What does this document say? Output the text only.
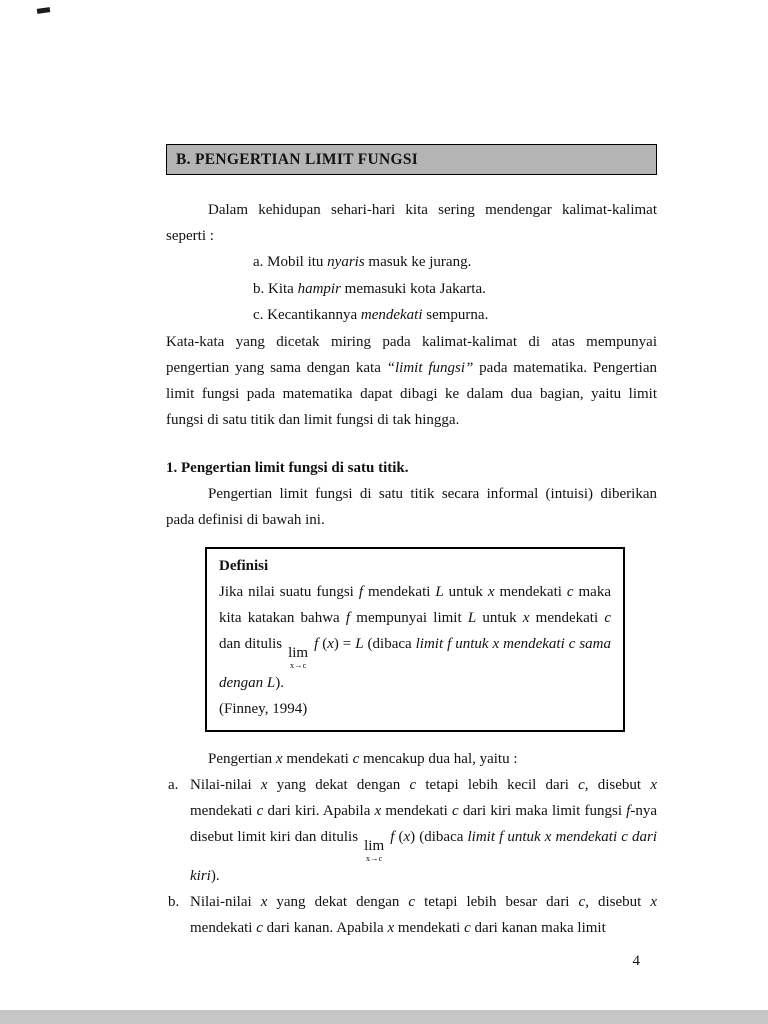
B. PENGERTIAN LIMIT FUNGSI

Dalam kehidupan sehari-hari kita sering mendengar kalimat-kalimat seperti :

a. Mobil itu nyaris masuk ke jurang.
b. Kita hampir memasuki kota Jakarta.
c. Kecantikannya mendekati sempurna.

Kata-kata yang dicetak miring pada kalimat-kalimat di atas mempunyai pengertian yang sama dengan kata “limit fungsi” pada matematika. Pengertian limit fungsi pada matematika dapat dibagi ke dalam dua bagian, yaitu limit fungsi di satu titik dan limit fungsi di tak hingga.

1. Pengertian limit fungsi di satu titik.

Pengertian limit fungsi di satu titik secara informal (intuisi) diberikan pada definisi di bawah ini.

Definisi

Jika nilai suatu fungsi f mendekati L untuk x mendekati c maka kita katakan bahwa f mempunyai limit L untuk x mendekati c dan ditulis
lim
x→c
f (x) = L (dibaca limit f untuk x mendekati c sama dengan L).

(Finney, 1994)

Pengertian x mendekati c mencakup dua hal, yaitu :

a. Nilai-nilai x yang dekat dengan c tetapi lebih kecil dari c, disebut x mendekati c dari kiri. Apabila x mendekati c dari kiri maka limit fungsi f-nya disebut limit kiri dan ditulis
lim
x→c
f (x) (dibaca limit f untuk x mendekati c dari kiri).
b. Nilai-nilai x yang dekat dengan c tetapi lebih besar dari c, disebut x mendekati c dari kanan. Apabila x mendekati c dari kanan maka limit
4
